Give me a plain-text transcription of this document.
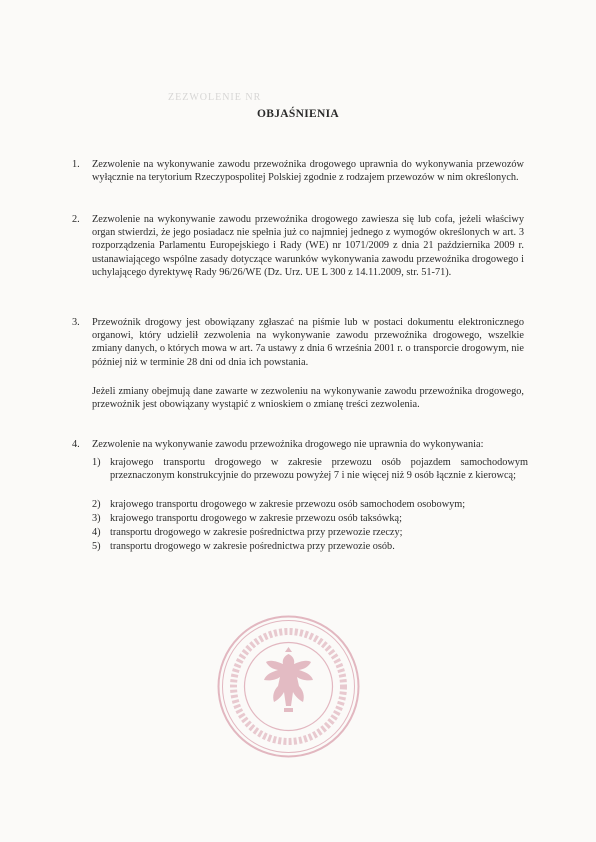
ZEZWOLENIE NR
OBJAŚNIENIA
1. Zezwolenie na wykonywanie zawodu przewoźnika drogowego uprawnia do wykonywania przewozów wyłącznie na terytorium Rzeczypospolitej Polskiej zgodnie z rodzajem przewozów w nim określonych.
2. Zezwolenie na wykonywanie zawodu przewoźnika drogowego zawiesza się lub cofa, jeżeli właściwy organ stwierdzi, że jego posiadacz nie spełnia już co najmniej jednego z wymogów określonych w art. 3 rozporządzenia Parlamentu Europejskiego i Rady (WE) nr 1071/2009 z dnia 21 października 2009 r. ustanawiającego wspólne zasady dotyczące warunków wykonywania zawodu przewoźnika drogowego i uchylającego dyrektywę Rady 96/26/WE (Dz. Urz. UE L 300 z 14.11.2009, str. 51-71).
3. Przewoźnik drogowy jest obowiązany zgłaszać na piśmie lub w postaci dokumentu elektronicznego organowi, który udzielił zezwolenia na wykonywanie zawodu przewoźnika drogowego, wszelkie zmiany danych, o których mowa w art. 7a ustawy z dnia 6 września 2001 r. o transporcie drogowym, nie później niż w terminie 28 dni od dnia ich powstania.
Jeżeli zmiany obejmują dane zawarte w zezwoleniu na wykonywanie zawodu przewoźnika drogowego, przewoźnik jest obowiązany wystąpić z wnioskiem o zmianę treści zezwolenia.
4. Zezwolenie na wykonywanie zawodu przewoźnika drogowego nie uprawnia do wykonywania:
1) krajowego transportu drogowego w zakresie przewozu osób pojazdem samochodowym przeznaczonym konstrukcyjnie do przewozu powyżej 7 i nie więcej niż 9 osób łącznie z kierowcą;
2) krajowego transportu drogowego w zakresie przewozu osób samochodem osobowym;
3) krajowego transportu drogowego w zakresie przewozu osób taksówką;
4) transportu drogowego w zakresie pośrednictwa przy przewozie rzeczy;
5) transportu drogowego w zakresie pośrednictwa przy przewozie osób.
